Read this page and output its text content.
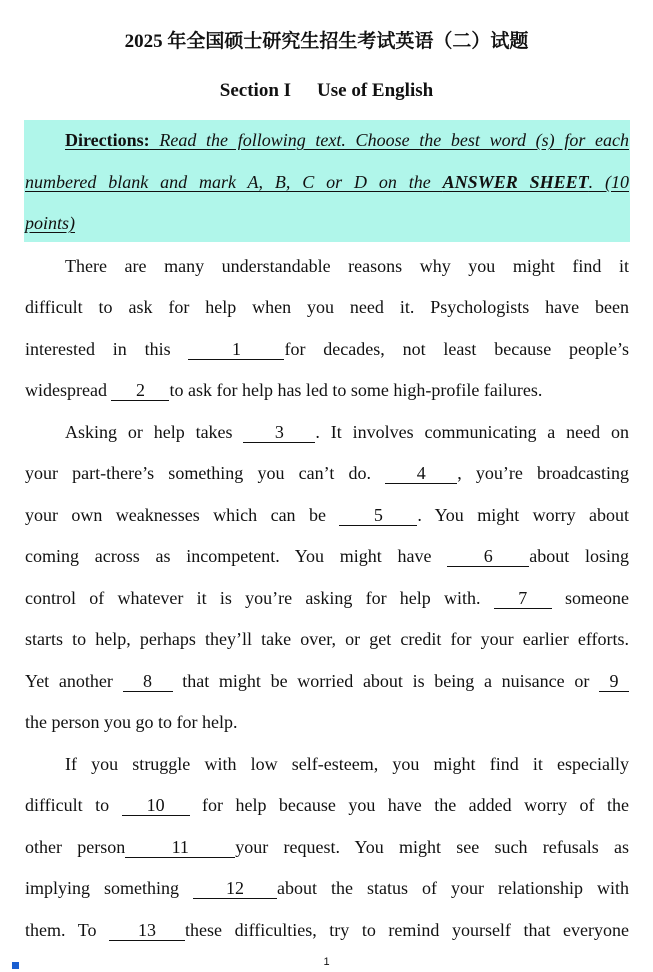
2025 年全国硕士研究生招生考试英语（二）试题
Section I Use of English
Directions: Read the following text. Choose the best word (s) for each
numbered blank and mark A, B, C or D on the ANSWER SHEET. (10
points)
There are many understandable reasons why you might find it
difficult to ask for help when you need it. Psychologists have been
interested in this 1 for decades, not least because people’s
widespread 2 to ask for help has led to some high-profile failures.
Asking or help takes 3 . It involves communicating a need on
your part-there’s something you can’t do. 4 , you’re broadcasting
your own weaknesses which can be 5 . You might worry about
coming across as incompetent. You might have 6 about losing
control of whatever it is you’re asking for help with. 7 someone
starts to help, perhaps they’ll take over, or get credit for your earlier efforts.
Yet another 8 that might be worried about is being a nuisance or 9
the person you go to for help.
If you struggle with low self-esteem, you might find it especially
difficult to 10 for help because you have the added worry of the
other person	11	your request. You might see such refusals as
implying something 12 about the status of your relationship with
them. To 13 these difficulties, try to remind yourself that everyone
1
